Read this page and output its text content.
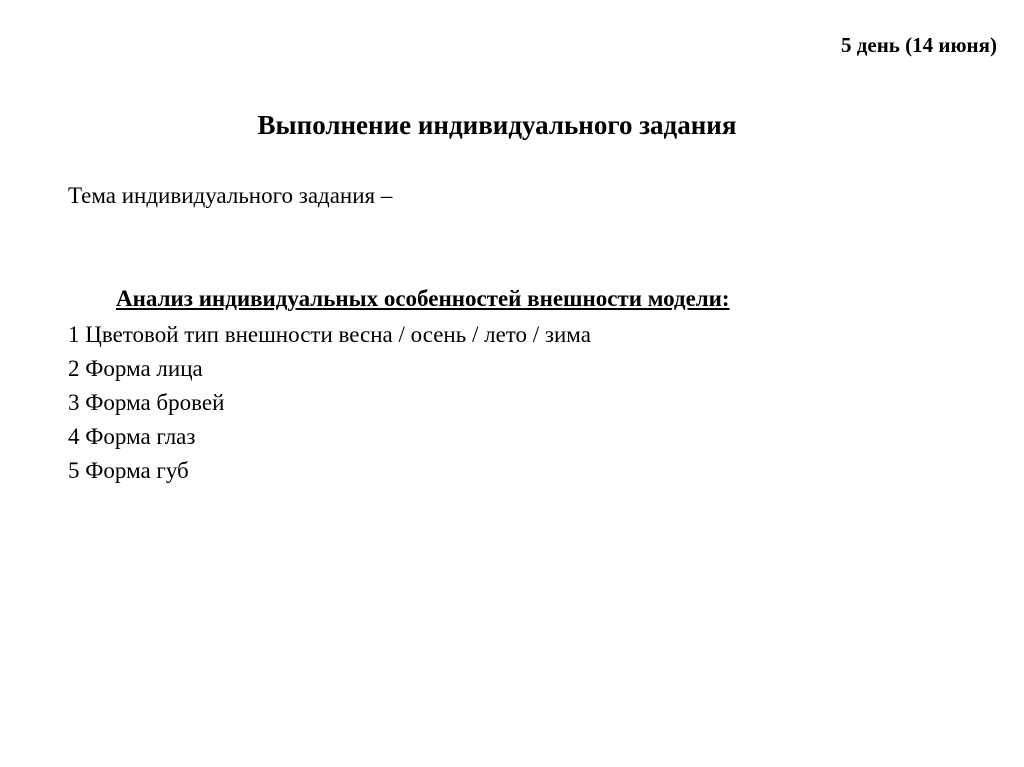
5 день (14 июня)
Выполнение индивидуального задания
Тема индивидуального задания –
Анализ индивидуальных особенностей внешности модели:
1 Цветовой тип внешности весна / осень / лето / зима
2 Форма лица
3 Форма бровей
4 Форма глаз
5 Форма губ
